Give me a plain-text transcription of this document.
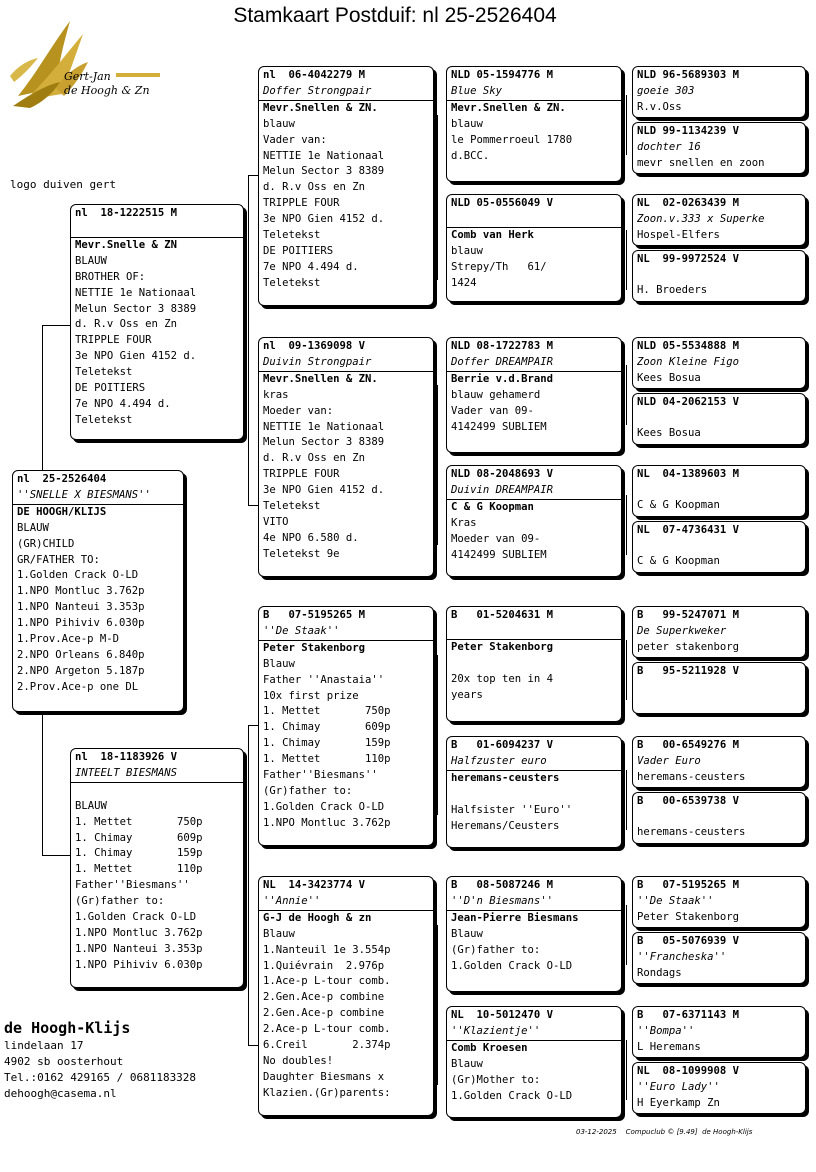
Stamkaart Postduif: nl 25-2526404
Gert-Jan
de Hoogh & Zn
logo duiven gert
nl  25-2526404
''SNELLE X BIESMANS''
DE HOOGH/KLIJS
BLAUW
(GR)CHILD
GR/FATHER TO:
1.Golden Crack O-LD
1.NPO Montluc 3.762p
1.NPO Nanteui 3.353p
1.NPO Pihiviv 6.030p
1.Prov.Ace-p M-D
2.NPO Orleans 6.840p
2.NPO Argeton 5.187p
2.Prov.Ace-p one DL
nl  18-1222515 M
Mevr.Snelle & ZN
BLAUW
BROTHER OF:
NETTIE 1e Nationaal
Melun Sector 3 8389
d. R.v Oss en Zn
TRIPPLE FOUR
3e NPO Gien 4152 d.
Teletekst
DE POITIERS
7e NPO 4.494 d.
Teletekst
nl  18-1183926 V
INTEELT BIESMANS
BLAUW
1. Mettet       750p
1. Chimay       609p
1. Chimay       159p
1. Mettet       110p
Father''Biesmans''
(Gr)father to:
1.Golden Crack O-LD
1.NPO Montluc 3.762p
1.NPO Nanteui 3.353p
1.NPO Pihiviv 6.030p
nl  06-4042279 M
Doffer Strongpair
Mevr.Snellen & ZN.
blauw
Vader van:
NETTIE 1e Nationaal
Melun Sector 3 8389
d. R.v Oss en Zn
TRIPPLE FOUR
3e NPO Gien 4152 d.
Teletekst
DE POITIERS
7e NPO 4.494 d.
Teletekst
nl  09-1369098 V
Duivin Strongpair
Mevr.Snellen & ZN.
kras
Moeder van:
NETTIE 1e Nationaal
Melun Sector 3 8389
d. R.v Oss en Zn
TRIPPLE FOUR
3e NPO Gien 4152 d.
Teletekst
VITO
4e NPO 6.580 d.
Teletekst 9e
B   07-5195265 M
''De Staak''
Peter Stakenborg
Blauw
Father ''Anastaia''
10x first prize
1. Mettet       750p
1. Chimay       609p
1. Chimay       159p
1. Mettet       110p
Father''Biesmans''
(Gr)father to:
1.Golden Crack O-LD
1.NPO Montluc 3.762p
NL  14-3423774 V
''Annie''
G-J de Hoogh & zn
Blauw
1.Nanteuil 1e 3.554p
1.Quiévrain  2.976p
1.Ace-p L-tour comb.
2.Gen.Ace-p combine
2.Gen.Ace-p combine
2.Ace-p L-tour comb.
6.Creil       2.374p
No doubles!
Daughter Biesmans x
Klazien.(Gr)parents:
NLD 05-1594776 M
Blue Sky
Mevr.Snellen & ZN.
blauw
le Pommerroeul 1780
d.BCC.
NLD 05-0556049 V
Comb van Herk
blauw
Strepy/Th   61/
1424
NLD 08-1722783 M
Doffer DREAMPAIR
Berrie v.d.Brand
blauw gehamerd
Vader van 09-
4142499 SUBLIEM
NLD 08-2048693 V
Duivin DREAMPAIR
C & G Koopman
Kras
Moeder van 09-
4142499 SUBLIEM
B   01-5204631 M
Peter Stakenborg
20x top ten in 4
years
B   01-6094237 V
Halfzuster euro
heremans-ceusters
Halfsister ''Euro''
Heremans/Ceusters
B   08-5087246 M
''D'n Biesmans''
Jean-Pierre Biesmans
Blauw
(Gr)father to:
1.Golden Crack O-LD
NL  10-5012470 V
''Klazientje''
Comb Kroesen
Blauw
(Gr)Mother to:
1.Golden Crack O-LD
NLD 96-5689303 M
goeie 303
R.v.Oss
NLD 99-1134239 V
dochter 16
mevr snellen en zoon
NL  02-0263439 M
Zoon.v.333 x Superke
Hospel-Elfers
NL  99-9972524 V
H. Broeders
NLD 05-5534888 M
Zoon Kleine Figo
Kees Bosua
NLD 04-2062153 V
Kees Bosua
NL  04-1389603 M
C & G Koopman
NL  07-4736431 V
C & G Koopman
B   99-5247071 M
De Superkweker
peter stakenborg
B   95-5211928 V
B   00-6549276 M
Vader Euro
heremans-ceusters
B   00-6539738 V
heremans-ceusters
B   07-5195265 M
''De Staak''
Peter Stakenborg
B   05-5076939 V
''Francheska''
Rondags
B   07-6371143 M
''Bompa''
L Heremans
NL  08-1099908 V
''Euro Lady''
H Eyerkamp Zn
de Hoogh-Klijs
lindelaan 17
4902 sb oosterhout
Tel.:0162 429165 / 0681183328
dehoogh@casema.nl
03-12-2025    Compuclub © [9.49]  de Hoogh-Klijs
